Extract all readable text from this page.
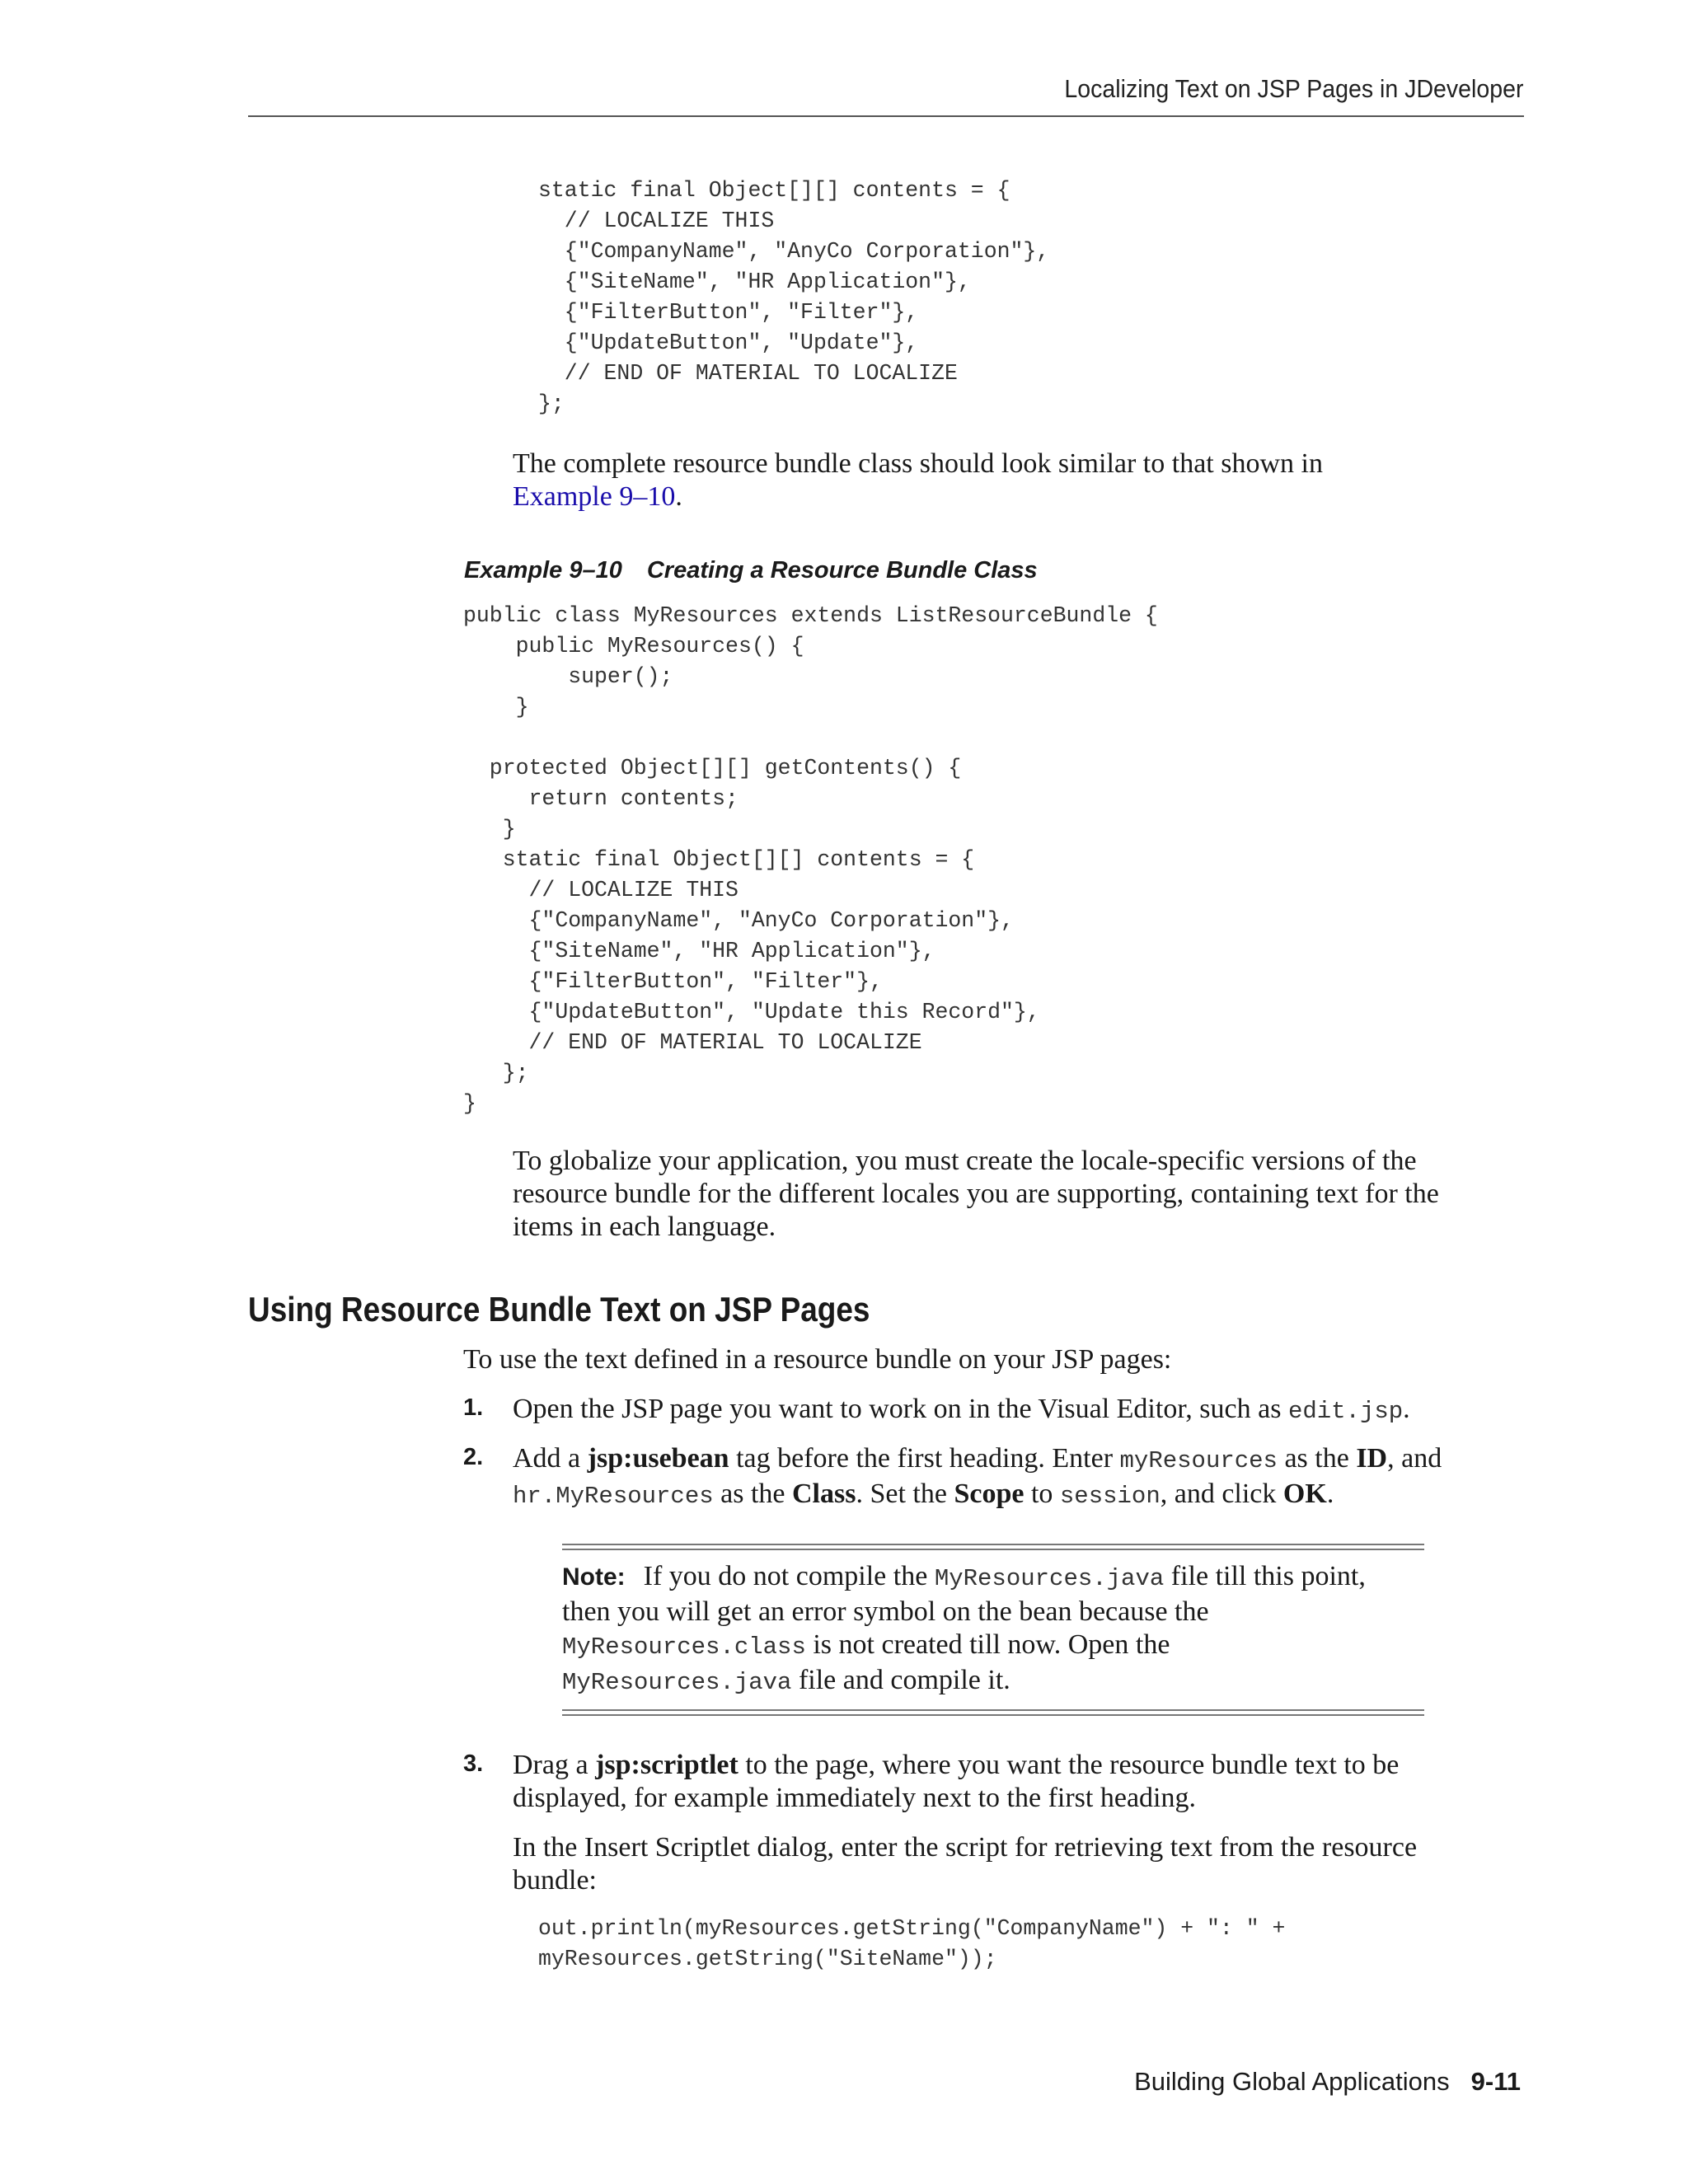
Localizing Text on JSP Pages in JDeveloper
static final Object[][] contents = {
// LOCALIZE THIS
{"CompanyName", "AnyCo Corporation"},
{"SiteName", "HR Application"},
{"FilterButton", "Filter"},
{"UpdateButton", "Update"},
// END OF MATERIAL TO LOCALIZE
};
The complete resource bundle class should look similar to that shown in
Example 9–10.
Example 9–10 Creating a Resource Bundle Class
public class MyResources extends ListResourceBundle {
public MyResources() {
super();
}

protected Object[][] getContents() {
return contents;
}
static final Object[][] contents = {
// LOCALIZE THIS
{"CompanyName", "AnyCo Corporation"},
{"SiteName", "HR Application"},
{"FilterButton", "Filter"},
{"UpdateButton", "Update this Record"},
// END OF MATERIAL TO LOCALIZE
};
}
To globalize your application, you must create the locale-specific versions of the
resource bundle for the different locales you are supporting, containing text for the
items in each language.
Using Resource Bundle Text on JSP Pages
To use the text defined in a resource bundle on your JSP pages:
1. Open the JSP page you want to work on in the Visual Editor, such as edit.jsp.
2. Add a jsp:usebean tag before the first heading. Enter myResources as the ID, and
hr.MyResources as the Class. Set the Scope to session, and click OK.
Note: If you do not compile the MyResources.java file till this point,
then you will get an error symbol on the bean because the
MyResources.class is not created till now. Open the
MyResources.java file and compile it.
3. Drag a jsp:scriptlet to the page, where you want the resource bundle text to be
displayed, for example immediately next to the first heading.
In the Insert Scriptlet dialog, enter the script for retrieving text from the resource
bundle:
out.println(myResources.getString("CompanyName") + ": " +
myResources.getString("SiteName"));
Building Global Applications 9-11
